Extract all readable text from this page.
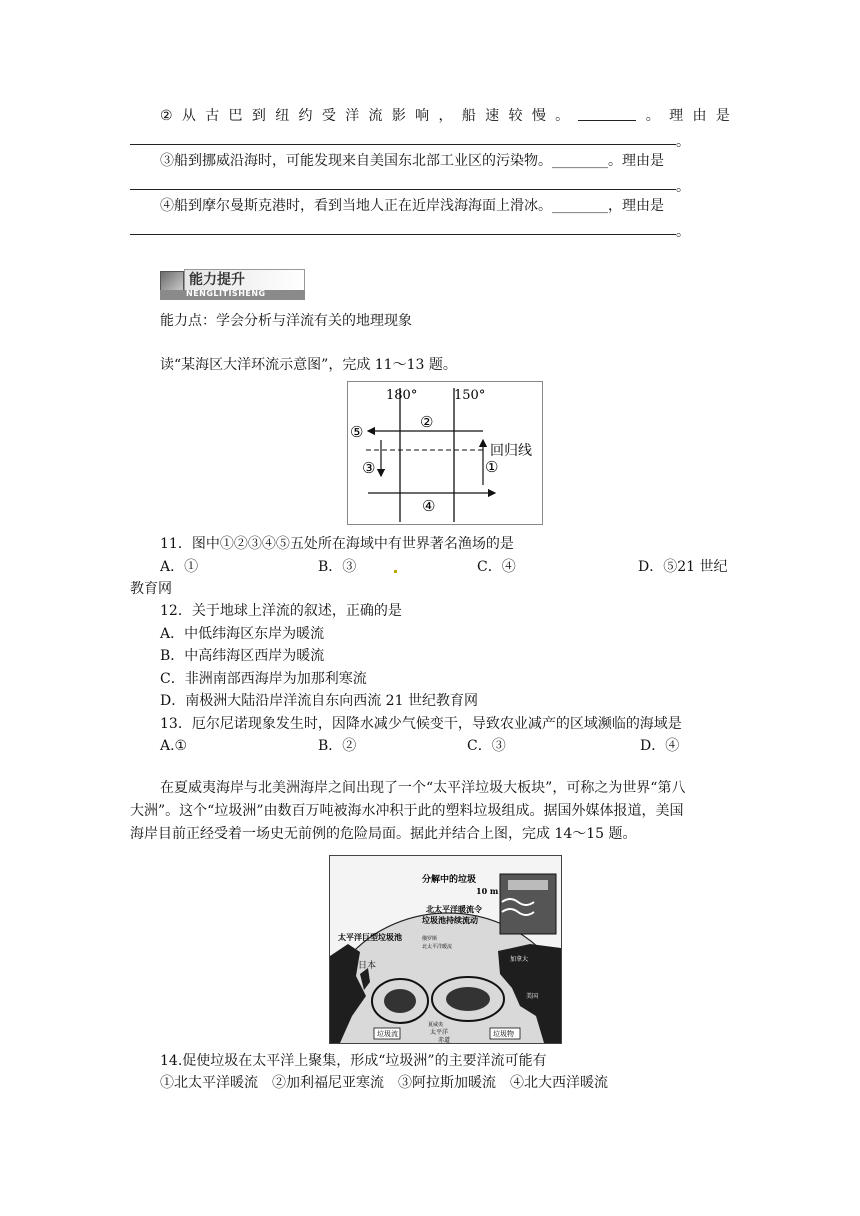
② 从 古 巴 到 纽 约 受 洋 流 影 响 ， 船 速 较 慢 。	。 理 由 是
。
③船到挪威沿海时，可能发现来自美国东北部工业区的污染物。________。理由是
。
④船到摩尔曼斯克港时，看到当地人正在近岸浅海海面上滑冰。________，理由是
。
能力提升
NENGLITISHENG
能力点：学会分析与洋流有关的地理现象
读“某海区大洋环流示意图”，完成 11～13 题。
180°	150°
回归线
①
②
③
④
⑤
11．图中①②③④⑤五处所在海域中有世界著名渔场的是
A．①	B．③	C．④	D．⑤21 世纪
教育网
12．关于地球上洋流的叙述，正确的是
A．中低纬海区东岸为暖流
B．中高纬海区西岸为暖流
C．非洲南部西海岸为加那利寒流
D．南极洲大陆沿岸洋流自东向西流 21 世纪教育网
13．厄尔尼诺现象发生时，因降水减少气候变干，导致农业减产的区域濒临的海域是
A.①	B．②	C．③	D．④
在夏威夷海岸与北美洲海岸之间出现了一个“太平洋垃圾大板块”，可称之为世界“第八
大洲”。这个“垃圾洲”由数百万吨被海水冲积于此的塑料垃圾组成。据国外媒体报道，美国
海岸目前正经受着一场史无前例的危险局面。据此并结合上图，完成 14～15 题。
分解中的垃圾
10 m
北太平洋暖流令
垃圾池持续流动
太平洋巨型垃圾池	俄罗斯
北太平洋暖流
日本
加拿大
美国
夏威夷
太平洋
赤道
垃圾流	垃圾物
14.促使垃圾在太平洋上聚集，形成“垃圾洲”的主要洋流可能有
①北太平洋暖流　②加利福尼亚寒流　③阿拉斯加暖流　④北大西洋暖流
